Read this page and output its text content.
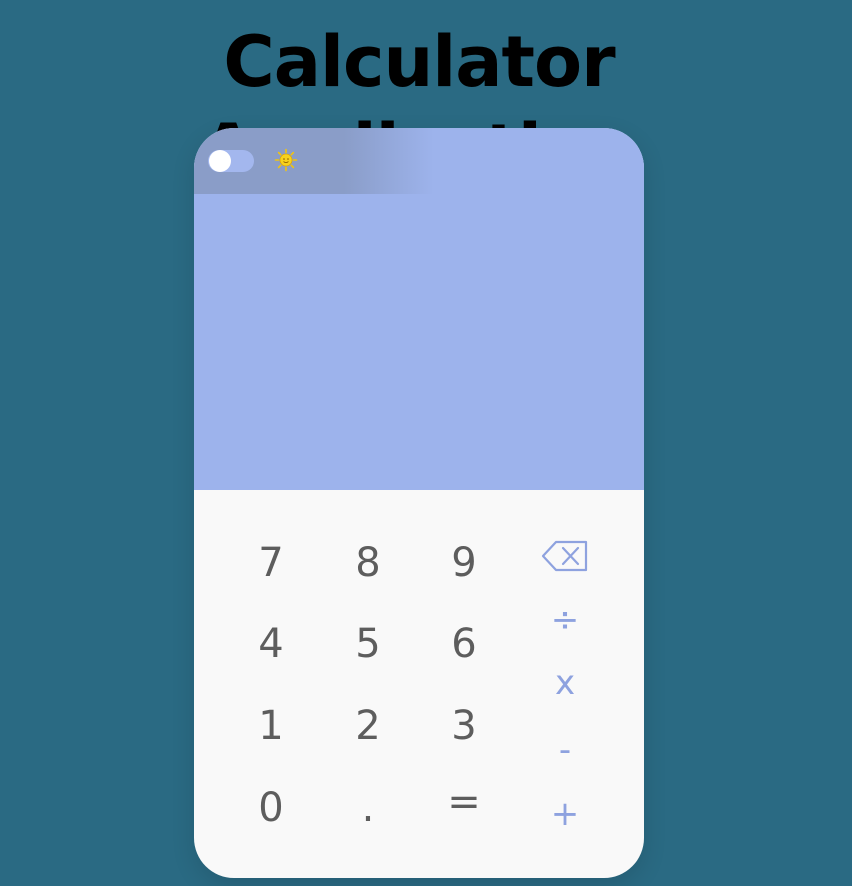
Calculator
7	8	9
4	5	6
1	2	3
0	.	=
-
÷
x
+
